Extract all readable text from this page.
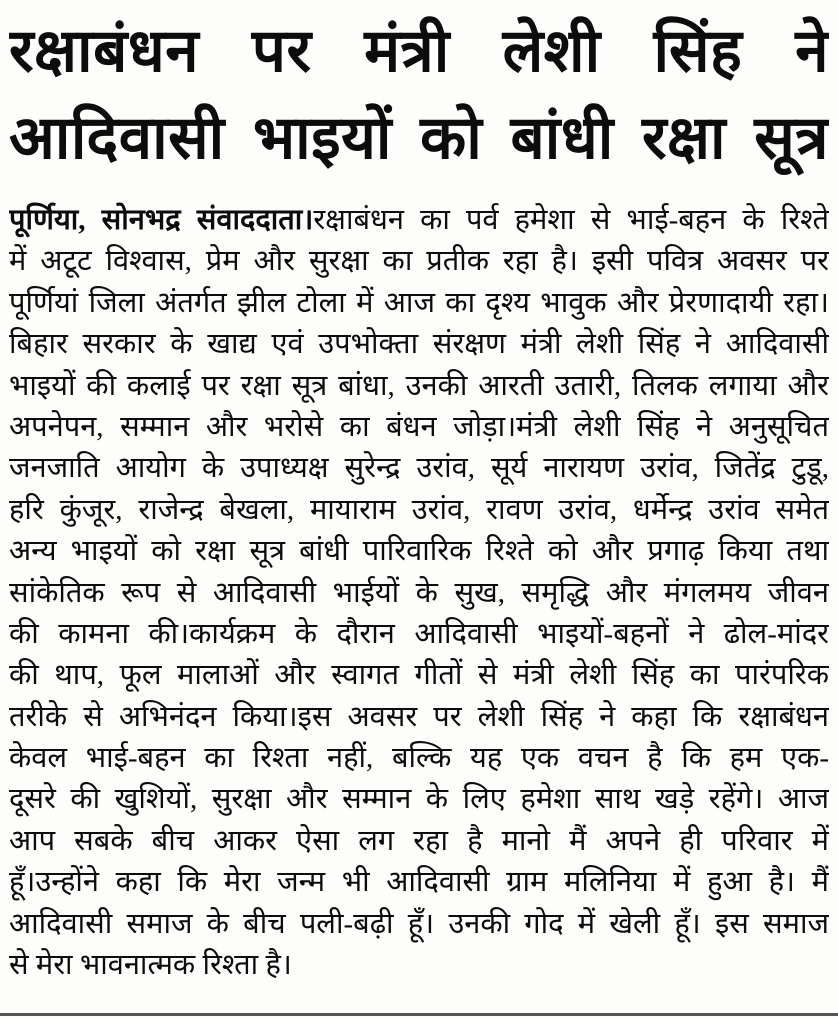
रक्षाबंधन पर मंत्री लेशी सिंह ने
आदिवासी भाइयों को बांधी रक्षा सूत्र
पूर्णिया, सोनभद्र संवाददाता।रक्षाबंधन का पर्व हमेशा से भाई-बहन के रिश्ते
में अटूट विश्वास, प्रेम और सुरक्षा का प्रतीक रहा है। इसी पवित्र अवसर पर
पूर्णियां जिला अंतर्गत झील टोला में आज का दृश्य भावुक और प्रेरणादायी रहा।
बिहार सरकार के खाद्य एवं उपभोक्ता संरक्षण मंत्री लेशी सिंह ने आदिवासी
भाइयों की कलाई पर रक्षा सूत्र बांधा, उनकी आरती उतारी, तिलक लगाया और
अपनेपन, सम्मान और भरोसे का बंधन जोड़ा।मंत्री लेशी सिंह ने अनुसूचित
जनजाति आयोग के उपाध्यक्ष सुरेन्द्र उरांव, सूर्य नारायण उरांव, जितेंद्र टुडू,
हरि कुंजूर, राजेन्द्र बेखला, मायाराम उरांव, रावण उरांव, धर्मेन्द्र उरांव समेत
अन्य भाइयों को रक्षा सूत्र बांधी पारिवारिक रिश्ते को और प्रगाढ़ किया तथा
सांकेतिक रूप से आदिवासी भाईयों के सुख, समृद्धि और मंगलमय जीवन
की कामना की।कार्यक्रम के दौरान आदिवासी भाइयों-बहनों ने ढोल-मांदर
की थाप, फूल मालाओं और स्वागत गीतों से मंत्री लेशी सिंह का पारंपरिक
तरीके से अभिनंदन किया।इस अवसर पर लेशी सिंह ने कहा कि रक्षाबंधन
केवल भाई-बहन का रिश्ता नहीं, बल्कि यह एक वचन है कि हम एक-
दूसरे की खुशियों, सुरक्षा और सम्मान के लिए हमेशा साथ खड़े रहेंगे। आज
आप सबके बीच आकर ऐसा लग रहा है मानो मैं अपने ही परिवार में
हूँ।उन्होंने कहा कि मेरा जन्म भी आदिवासी ग्राम मलिनिया में हुआ है। मैं
आदिवासी समाज के बीच पली-बढ़ी हूँ। उनकी गोद में खेली हूँ। इस समाज
से मेरा भावनात्मक रिश्ता है।
